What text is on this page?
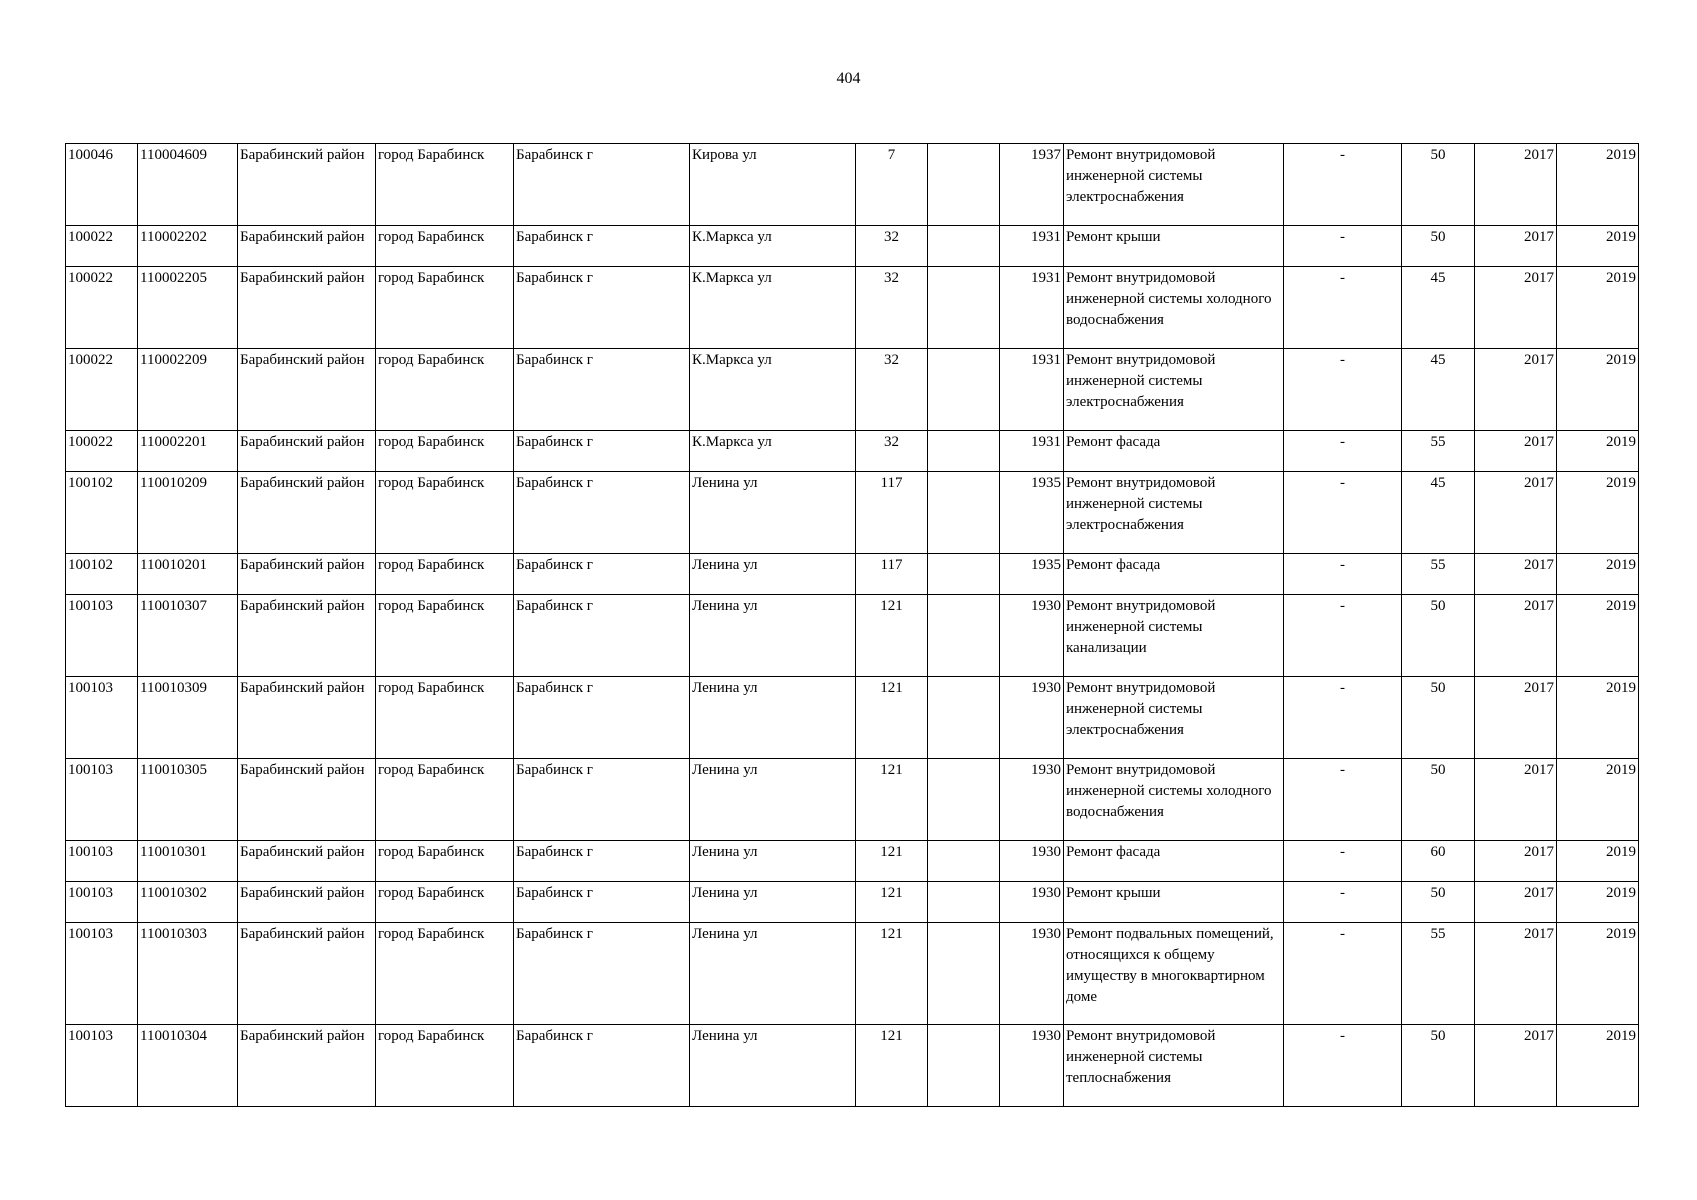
404
100046	110004609	Барабинский район	город Барабинск	Барабинск г	Кирова ул	7		1937	Ремонт внутридомовой инженерной системы электроснабжения	-	50	2017	2019
100022	110002202	Барабинский район	город Барабинск	Барабинск г	К.Маркса ул	32		1931	Ремонт крыши	-	50	2017	2019
100022	110002205	Барабинский район	город Барабинск	Барабинск г	К.Маркса ул	32		1931	Ремонт внутридомовой инженерной системы холодного водоснабжения	-	45	2017	2019
100022	110002209	Барабинский район	город Барабинск	Барабинск г	К.Маркса ул	32		1931	Ремонт внутридомовой инженерной системы электроснабжения	-	45	2017	2019
100022	110002201	Барабинский район	город Барабинск	Барабинск г	К.Маркса ул	32		1931	Ремонт фасада	-	55	2017	2019
100102	110010209	Барабинский район	город Барабинск	Барабинск г	Ленина ул	117		1935	Ремонт внутридомовой инженерной системы электроснабжения	-	45	2017	2019
100102	110010201	Барабинский район	город Барабинск	Барабинск г	Ленина ул	117		1935	Ремонт фасада	-	55	2017	2019
100103	110010307	Барабинский район	город Барабинск	Барабинск г	Ленина ул	121		1930	Ремонт внутридомовой инженерной системы канализации	-	50	2017	2019
100103	110010309	Барабинский район	город Барабинск	Барабинск г	Ленина ул	121		1930	Ремонт внутридомовой инженерной системы электроснабжения	-	50	2017	2019
100103	110010305	Барабинский район	город Барабинск	Барабинск г	Ленина ул	121		1930	Ремонт внутридомовой инженерной системы холодного водоснабжения	-	50	2017	2019
100103	110010301	Барабинский район	город Барабинск	Барабинск г	Ленина ул	121		1930	Ремонт фасада	-	60	2017	2019
100103	110010302	Барабинский район	город Барабинск	Барабинск г	Ленина ул	121		1930	Ремонт крыши	-	50	2017	2019
100103	110010303	Барабинский район	город Барабинск	Барабинск г	Ленина ул	121		1930	Ремонт подвальных помещений, относящихся к общему имуществу в многоквартирном доме	-	55	2017	2019
100103	110010304	Барабинский район	город Барабинск	Барабинск г	Ленина ул	121		1930	Ремонт внутридомовой инженерной системы теплоснабжения	-	50	2017	2019
